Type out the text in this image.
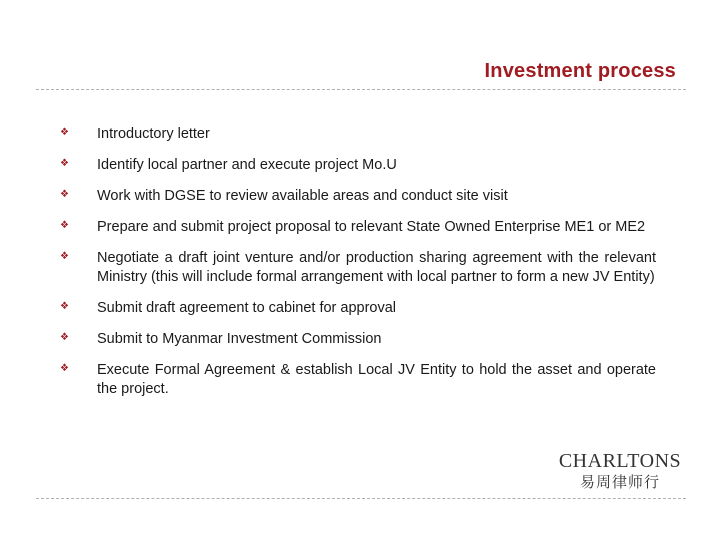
Investment process
❖ Introductory letter
❖ Identify local partner and execute project Mo.U
❖ Work with DGSE to review available areas and conduct site visit
❖ Prepare and submit project proposal to relevant State Owned Enterprise ME1 or ME2
❖ Negotiate a draft joint venture and/or production sharing agreement with the relevant Ministry (this will include formal arrangement with local partner to form a new JV Entity)
❖ Submit draft agreement to cabinet for approval
❖ Submit to Myanmar Investment Commission
❖ Execute Formal Agreement & establish Local JV Entity to hold the asset and operate the project.
CHARLTONS
易周律师行
